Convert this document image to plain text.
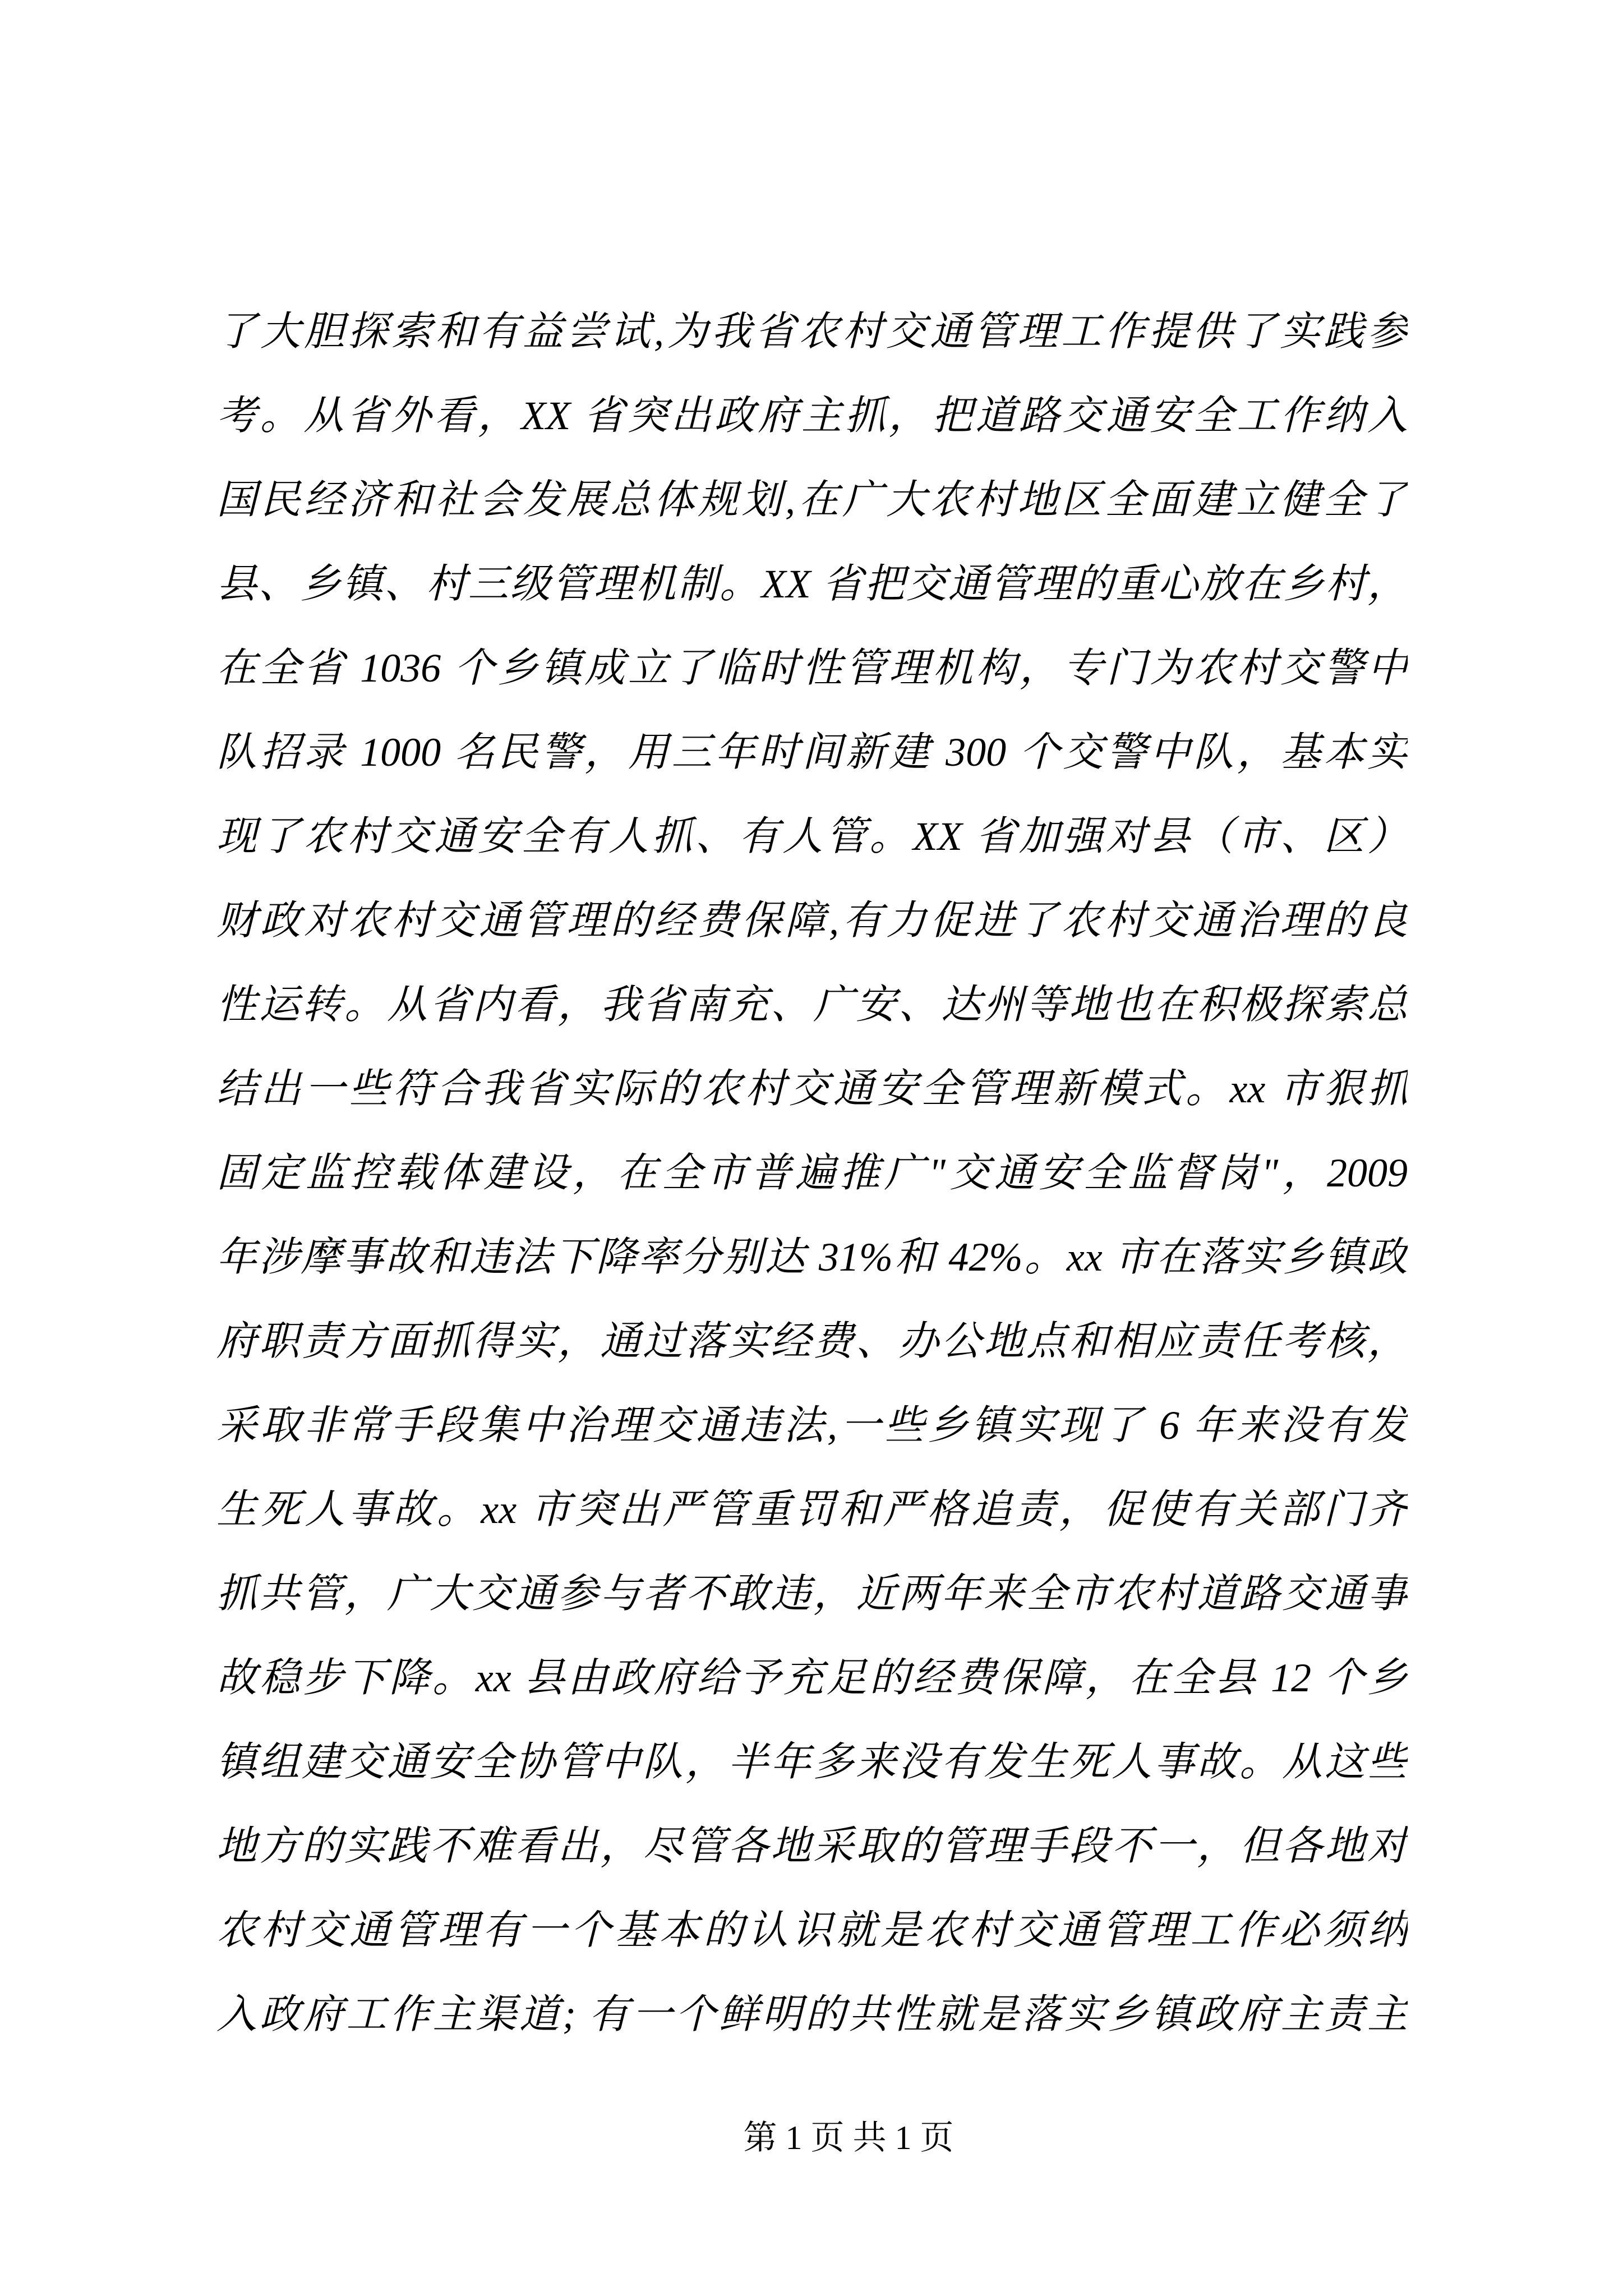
了大胆探索和有益尝试,为我省农村交通管理工作提供了实践参
考。从省外看，XX 省突出政府主抓，把道路交通安全工作纳入
国民经济和社会发展总体规划,在广大农村地区全面建立健全了
县、乡镇、村三级管理机制。XX 省把交通管理的重心放在乡村，
在全省 1036 个乡镇成立了临时性管理机构，专门为农村交警中
队招录 1000 名民警，用三年时间新建 300 个交警中队，基本实
现了农村交通安全有人抓、有人管。XX 省加强对县（市、区）
财政对农村交通管理的经费保障,有力促进了农村交通治理的良
性运转。从省内看，我省南充、广安、达州等地也在积极探索总
结出一些符合我省实际的农村交通安全管理新模式。xx 市狠抓
固定监控载体建设，在全市普遍推广"交通安全监督岗"，2009
年涉摩事故和违法下降率分别达 31%和 42%。xx 市在落实乡镇政
府职责方面抓得实，通过落实经费、办公地点和相应责任考核，
采取非常手段集中治理交通违法,一些乡镇实现了 6 年来没有发
生死人事故。xx 市突出严管重罚和严格追责，促使有关部门齐
抓共管，广大交通参与者不敢违，近两年来全市农村道路交通事
故稳步下降。xx 县由政府给予充足的经费保障，在全县 12 个乡
镇组建交通安全协管中队，半年多来没有发生死人事故。从这些
地方的实践不难看出，尽管各地采取的管理手段不一，但各地对
农村交通管理有一个基本的认识就是农村交通管理工作必须纳
入政府工作主渠道; 有一个鲜明的共性就是落实乡镇政府主责主
第 1 页 共 1 页
